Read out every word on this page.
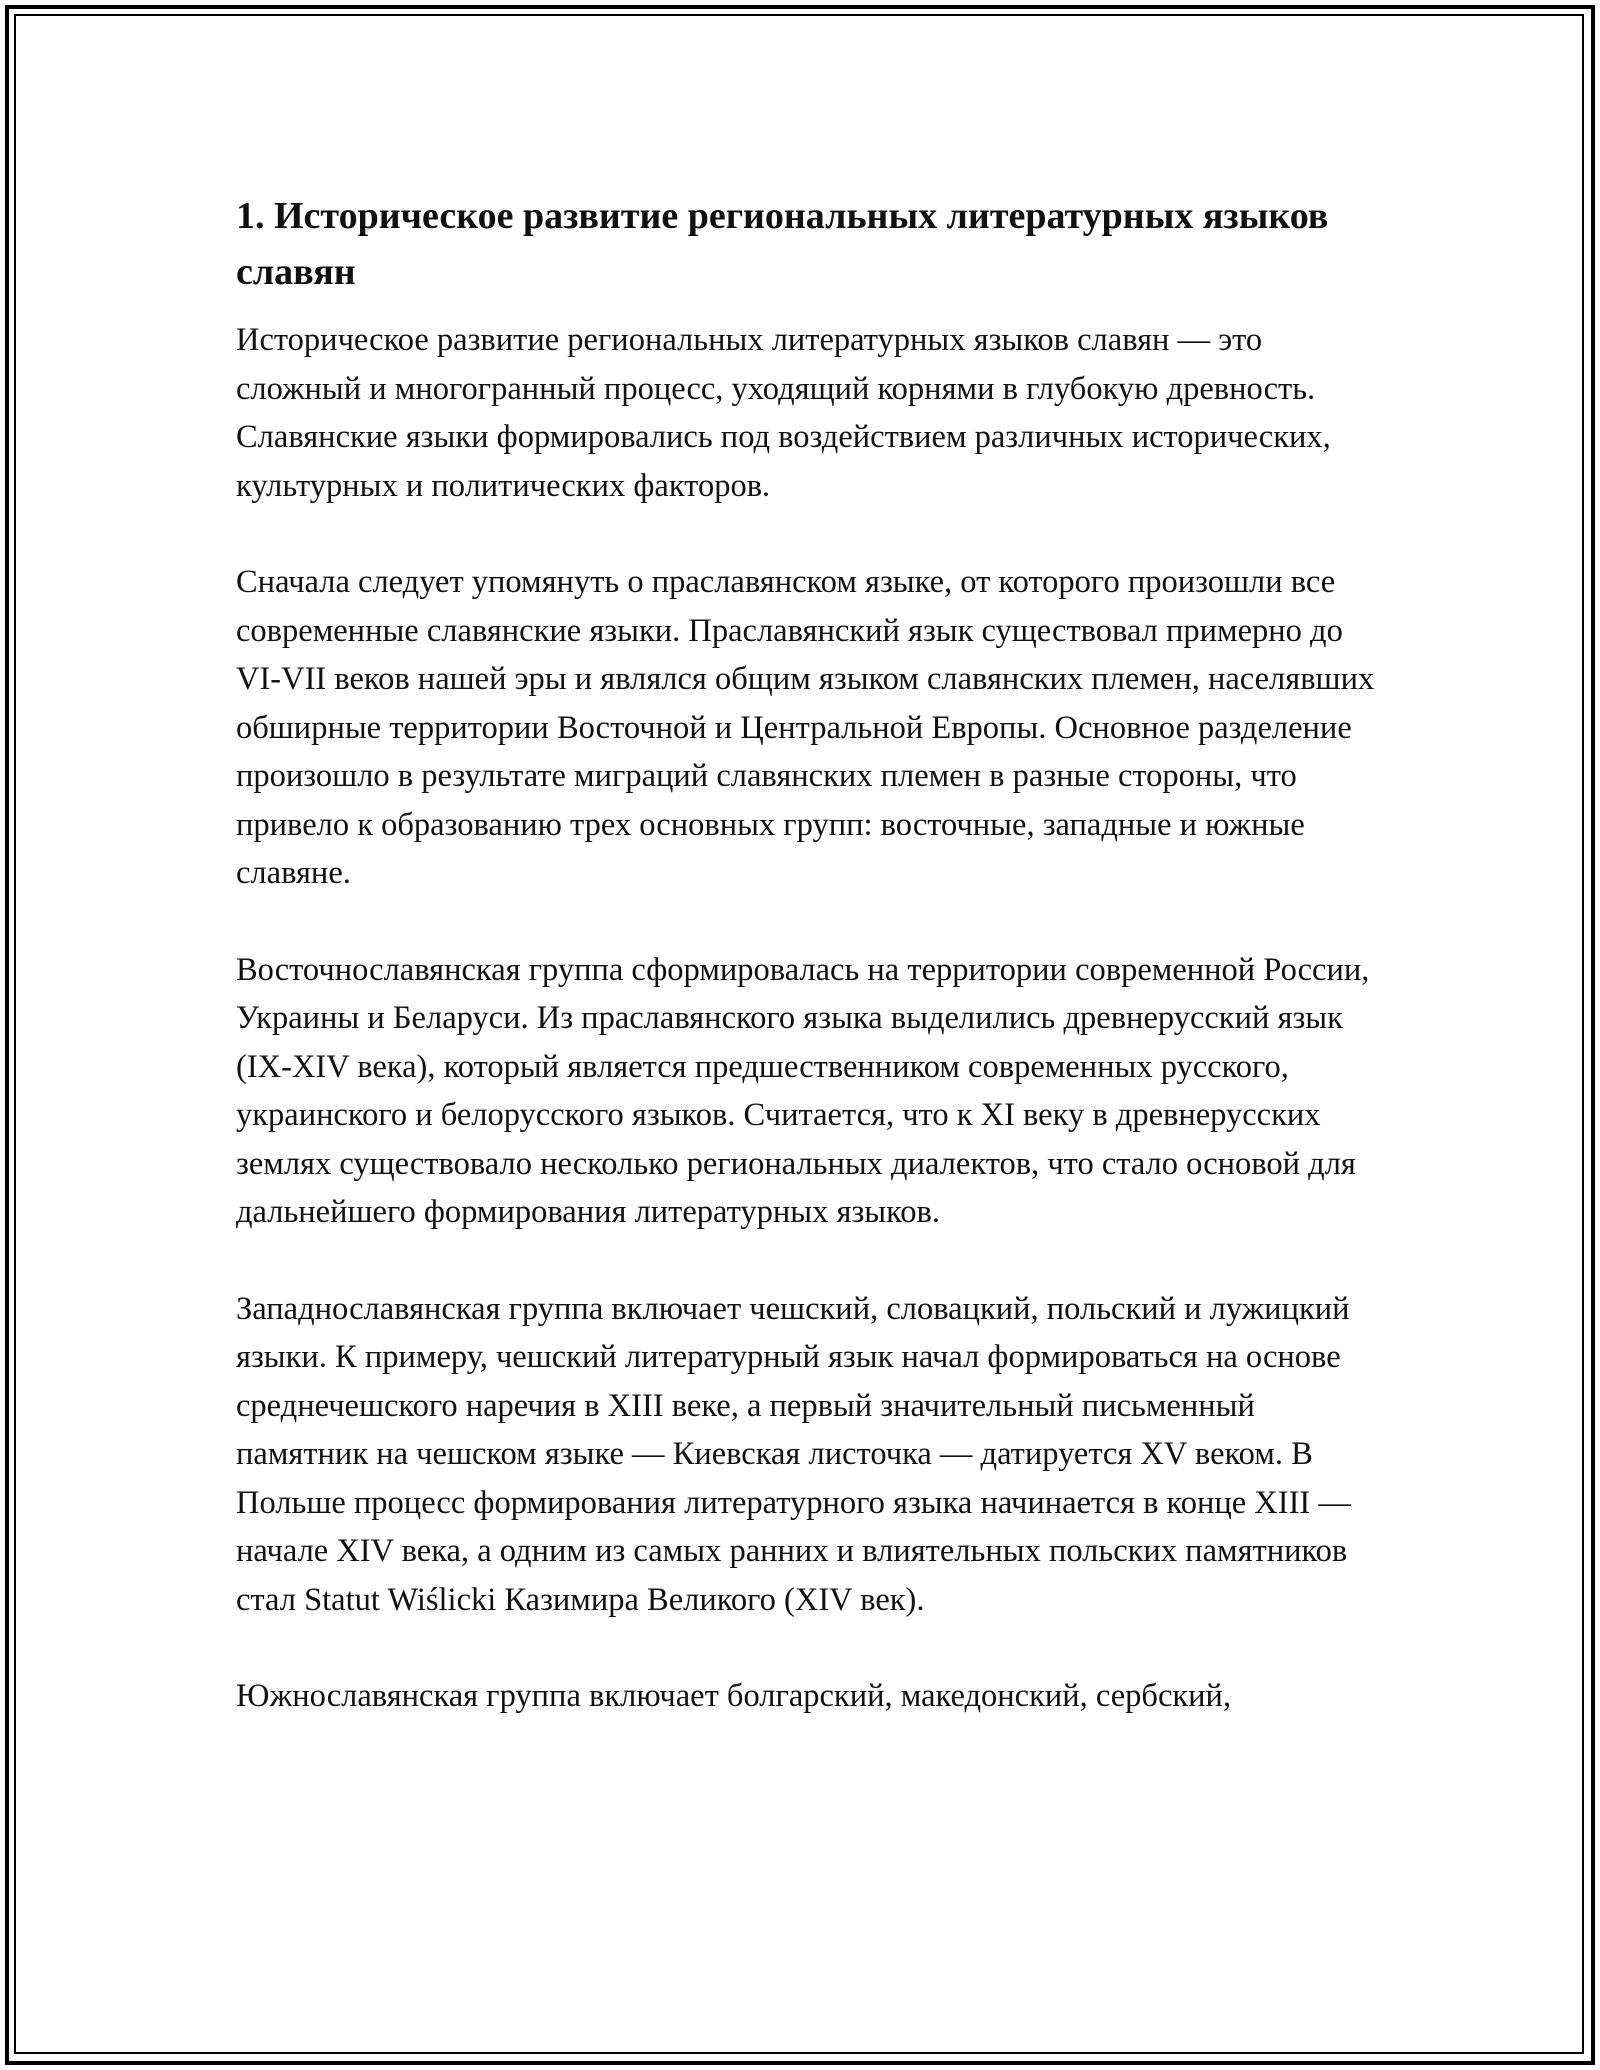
1. Историческое развитие региональных литературных языков славян

Историческое развитие региональных литературных языков славян — это сложный и многогранный процесс, уходящий корнями в глубокую древность. Славянские языки формировались под воздействием различных исторических, культурных и политических факторов.

Сначала следует упомянуть о праславянском языке, от которого произошли все современные славянские языки. Праславянский язык существовал примерно до VI-VII веков нашей эры и являлся общим языком славянских племен, населявших обширные территории Восточной и Центральной Европы. Основное разделение произошло в результате миграций славянских племен в разные стороны, что привело к образованию трех основных групп: восточные, западные и южные славяне.

Восточнославянская группа сформировалась на территории современной России, Украины и Беларуси. Из праславянского языка выделились древнерусский язык (IX-XIV века), который является предшественником современных русского, украинского и белорусского языков. Считается, что к XI веку в древнерусских землях существовало несколько региональных диалектов, что стало основой для дальнейшего формирования литературных языков.

Западнославянская группа включает чешский, словацкий, польский и лужицкий языки. К примеру, чешский литературный язык начал формироваться на основе среднечешского наречия в XIII веке, а первый значительный письменный памятник на чешском языке — Киевская листочка — датируется XV веком. В Польше процесс формирования литературного языка начинается в конце XIII — начале XIV века, а одним из самых ранних и влиятельных польских памятников стал Statut Wiślicki Казимира Великого (XIV век).

Южнославянская группа включает болгарский, македонский, сербский,
